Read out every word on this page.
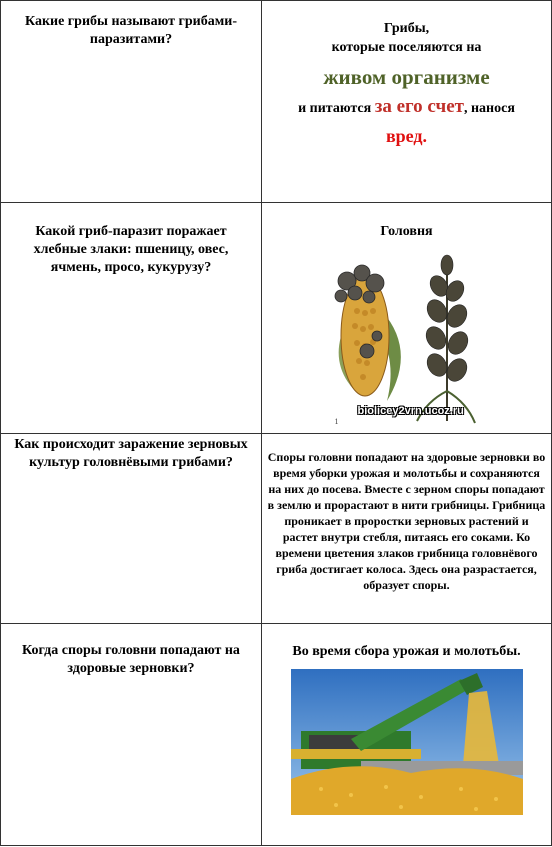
Какие грибы называют грибами-паразитами?	Грибы,
которые поселяются на
живом организме
и питаются за его счет, нанося
вред.

Какой гриб-паразит поражает хлебные злаки: пшеницу, овес, ячмень, просо, кукурузу?	Головня
1
biolicey2vrn.ucoz.ru

Как происходит заражение зерновых культур головнёвыми грибами?	Споры головни попадают на здоровые зерновки во время уборки урожая и молотьбы и сохраняются на них до посева. Вместе с зерном споры попадают в землю и прорастают в нити грибницы. Грибница проникает в проростки зерновых растений и растет внутри стебля, питаясь его соками. Ко времени цветения злаков грибница головнёвого гриба достигает колоса. Здесь она разрастается, образует споры.

Когда споры головни попадают на здоровые зерновки?	Во время сбора урожая и молотьбы.
